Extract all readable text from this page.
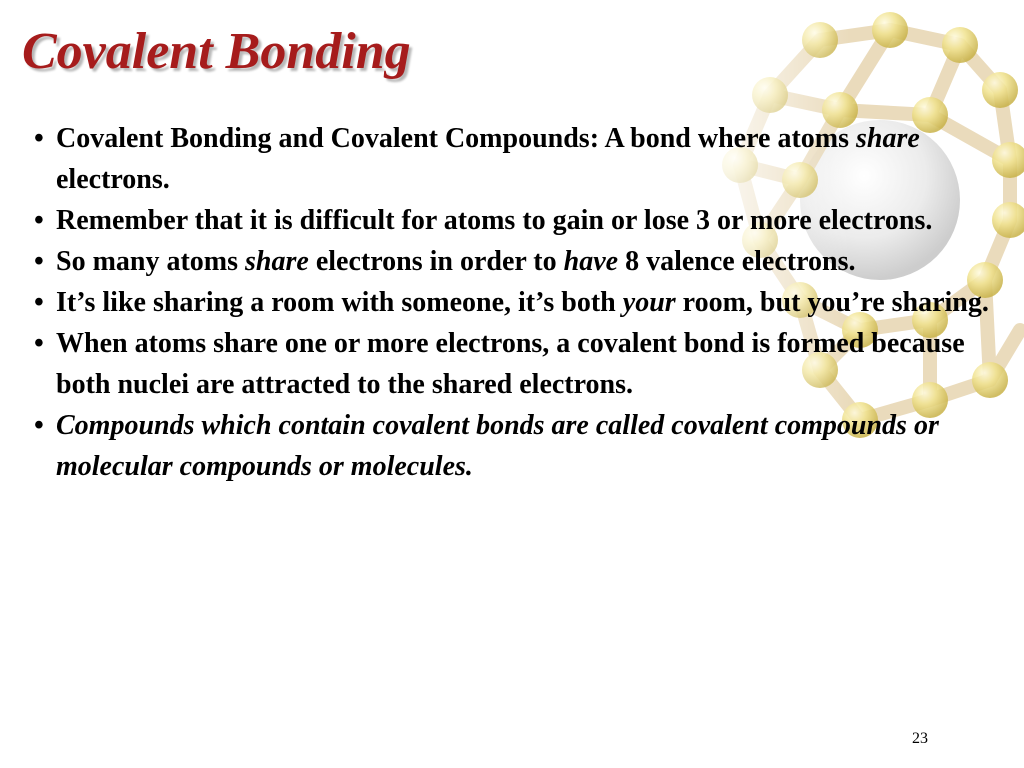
Covalent Bonding
• Covalent Bonding and Covalent Compounds: A bond where atoms share electrons.
• Remember that it is difficult for atoms to gain or lose 3 or more electrons.
• So many atoms share electrons in order to have 8 valence electrons.
• It’s like sharing a room with someone, it’s both your room, but you’re sharing.
• When atoms share one or more electrons, a covalent bond is formed because both nuclei are attracted to the shared electrons.
• Compounds which contain covalent bonds are called covalent compounds or molecular compounds or molecules.
23
